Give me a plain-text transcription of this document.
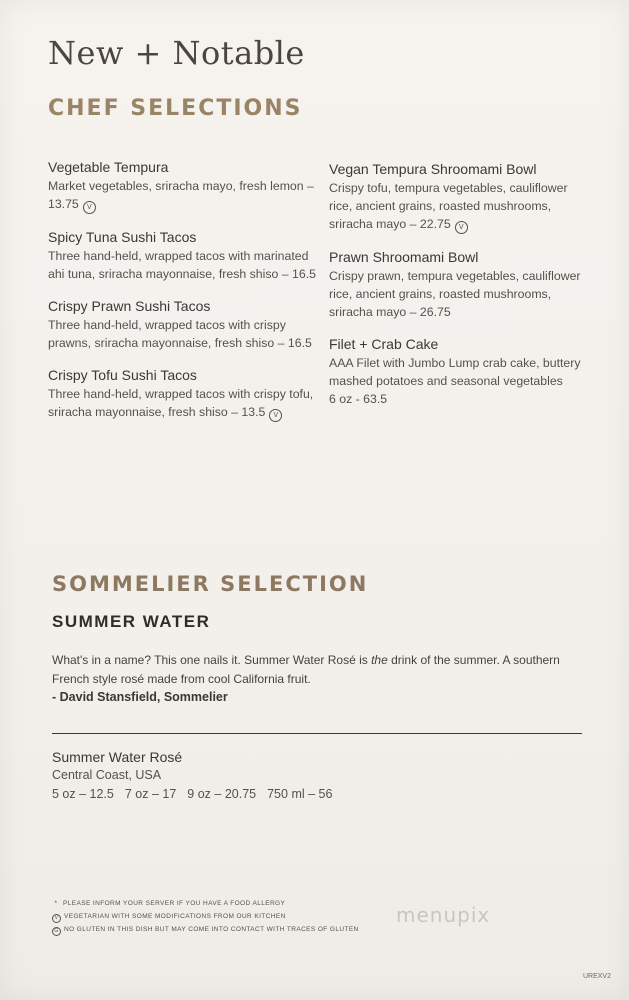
New + Notable
CHEF SELECTIONS
Vegetable Tempura
Market vegetables, sriracha mayo, fresh lemon – 13.75 V
Spicy Tuna Sushi Tacos
Three hand-held, wrapped tacos with marinated ahi tuna, sriracha mayonnaise, fresh shiso – 16.5
Crispy Prawn Sushi Tacos
Three hand-held, wrapped tacos with crispy prawns, sriracha mayonnaise, fresh shiso – 16.5
Crispy Tofu Sushi Tacos
Three hand-held, wrapped tacos with crispy tofu, sriracha mayonnaise, fresh shiso – 13.5 V
Vegan Tempura Shroomami Bowl
Crispy tofu, tempura vegetables, cauliflower rice, ancient grains, roasted mushrooms, sriracha mayo – 22.75 V
Prawn Shroomami Bowl
Crispy prawn, tempura vegetables, cauliflower rice, ancient grains, roasted mushrooms, sriracha mayo – 26.75
Filet + Crab Cake
AAA Filet with Jumbo Lump crab cake, buttery mashed potatoes and seasonal vegetables
6 oz - 63.5
SOMMELIER SELECTION
SUMMER WATER
What's in a name? This one nails it. Summer Water Rosé is the drink of the summer. A southern French style rosé made from cool California fruit.
- David Stansfield, Sommelier
Summer Water Rosé
Central Coast, USA
5 oz – 12.5 7 oz – 17 9 oz – 20.75 750 ml – 56
* PLEASE INFORM YOUR SERVER IF YOU HAVE A FOOD ALLERGY
V VEGETARIAN WITH SOME MODIFICATIONS FROM OUR KITCHEN
G NO GLUTEN IN THIS DISH BUT MAY COME INTO CONTACT WITH TRACES OF GLUTEN
menupix
UREXV2
